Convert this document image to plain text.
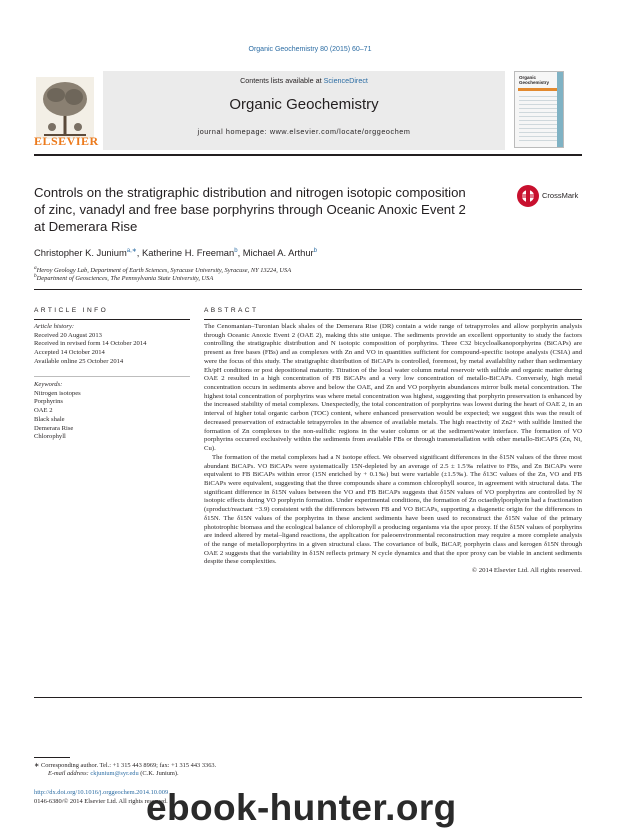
Organic Geochemistry 80 (2015) 60–71
ELSEVIER
Contents lists available at ScienceDirect
Organic Geochemistry
journal homepage: www.elsevier.com/locate/orggeochem
Organic Geochemistry
Controls on the stratigraphic distribution and nitrogen isotopic composition of zinc, vanadyl and free base porphyrins through Oceanic Anoxic Event 2 at Demerara Rise
CrossMark
Christopher K. Junium$^{a,∗}$, Katherine H. Freeman$^b$, Michael A. Arthur$^b$
$^a$Heroy Geology Lab, Department of Earth Sciences, Syracuse University, Syracuse, NY 13224, USA
$^b$Department of Geosciences, The Pennsylvania State University, USA
ARTICLE INFO	ABSTRACT
Article history:
Received 20 August 2013
Received in revised form 14 October 2014
Accepted 14 October 2014
Available online 25 October 2014
Keywords:
Nitrogen isotopes
Porphyrins
OAE 2
Black shale
Demerara Rise
Chlorophyll

The Cenomanian–Turonian black shales of the Demerara Rise (DR) contain a wide range of tetrapyrroles and allow porphyrin analysis through Oceanic Anoxic Event 2 (OAE 2), making this site unique. The sediments provide an excellent opportunity to study the factors controlling the stratigraphic distribution and N isotopic composition of porphyrins. Three C32 bicycloalkanoporphyrins (BiCAPs) are present as free bases (FBs) and as complexes with Zn and VO in quantities sufficient for compound-specific isotope analysis (CSIA) and were the focus of this study. The stratigraphic distribution of BiCAPs is controlled, foremost, by metal availability rather than sedimentary Eh/pH conditions or post depositional maturity. Titration of the local water column metal reservoir with sulfide and organic matter during OAE 2 resulted in a high concentration of FB BiCAPs and a very low concentration of metallo-BiCAPs. Conversely, high metal concentration occurs in sediments above and below the OAE, and Zn and VO porphyrin abundances mirror bulk metal concentration. The highest total concentration of porphyrins was where metal concentration was highest, suggesting that porphyrin preservation is enhanced by the increased stability of metal complexes. Unexpectedly, the total concentration of porphyrins was lowest during the heart of OAE 2, in an interval of higher total organic carbon (TOC) content, where enhanced preservation would be expected; we suggest this was the result of decreased preservation of extractable tetrapyrroles in the absence of available metals. The high reactivity of Zn2+ with sulfide limited the formation of Zn complexes to the non-sulfidic regions in the water column or at the sediment/water interface. The formation of VO porphyrins occurred exclusively within the sediments from available FBs or through transmetallation with other metallo-BiCAPS (Zn, Ni, Cu).

The formation of the metal complexes had a N isotope effect. We observed significant differences in the δ15N values of the three most abundant BiCAPs. VO BiCAPs were systematically 15N-depleted by an average of 2.5 ± 1.5‰ relative to FBs, and Zn BiCAPs were equivalent to FB BiCAPs within error (15N enriched by + 0.1‰) but were variable (±1.5‰). The δ13C values of the Zn, VO and FB BiCAPs were equivalent, suggesting that the three compounds share a common chlorophyll source, in agreement with structural data. The significant difference in δ15N values between the VO and FB BiCAPs suggests that δ15N values of VO porphyrins are controlled by N isotopic effects during VO porphyrin formation. Under experimental conditions, the formation of Zn octaethylporphyrin had a fractionation (εproduct/reactant −3.9) consistent with the differences between FB and VO BiCAPs, supporting a diagenetic origin for the differences in δ15N. The δ15N values of the porphyrins in these ancient sediments have been used to reconstruct the δ15N value of the primary phototrophic biomass and the ecological balance of chlorophyll a producing organisms via the εpor proxy. If the δ15N values of porphyrins are indeed altered by metal–ligand reactions, the application for paleoenvironmental reconstruction may require a more complete analysis of the range of metalloporphyrins in a given structural class. The covariance of bulk, BiCAP, porphyrin class and kerogen δ15N through OAE 2 suggests that the variability in δ15N reflects primary N cycle dynamics and that the εpor proxy can be viable in ancient sediments despite these complexities.

© 2014 Elsevier Ltd. All rights reserved.

∗ Corresponding author. Tel.: +1 315 443 8969; fax: +1 315 443 3363.
E-mail address: ckjunium@syr.edu (C.K. Junium).
http://dx.doi.org/10.1016/j.orggeochem.2014.10.009
0146-6380/© 2014 Elsevier Ltd. All rights reserved.
ebook-hunter.org
